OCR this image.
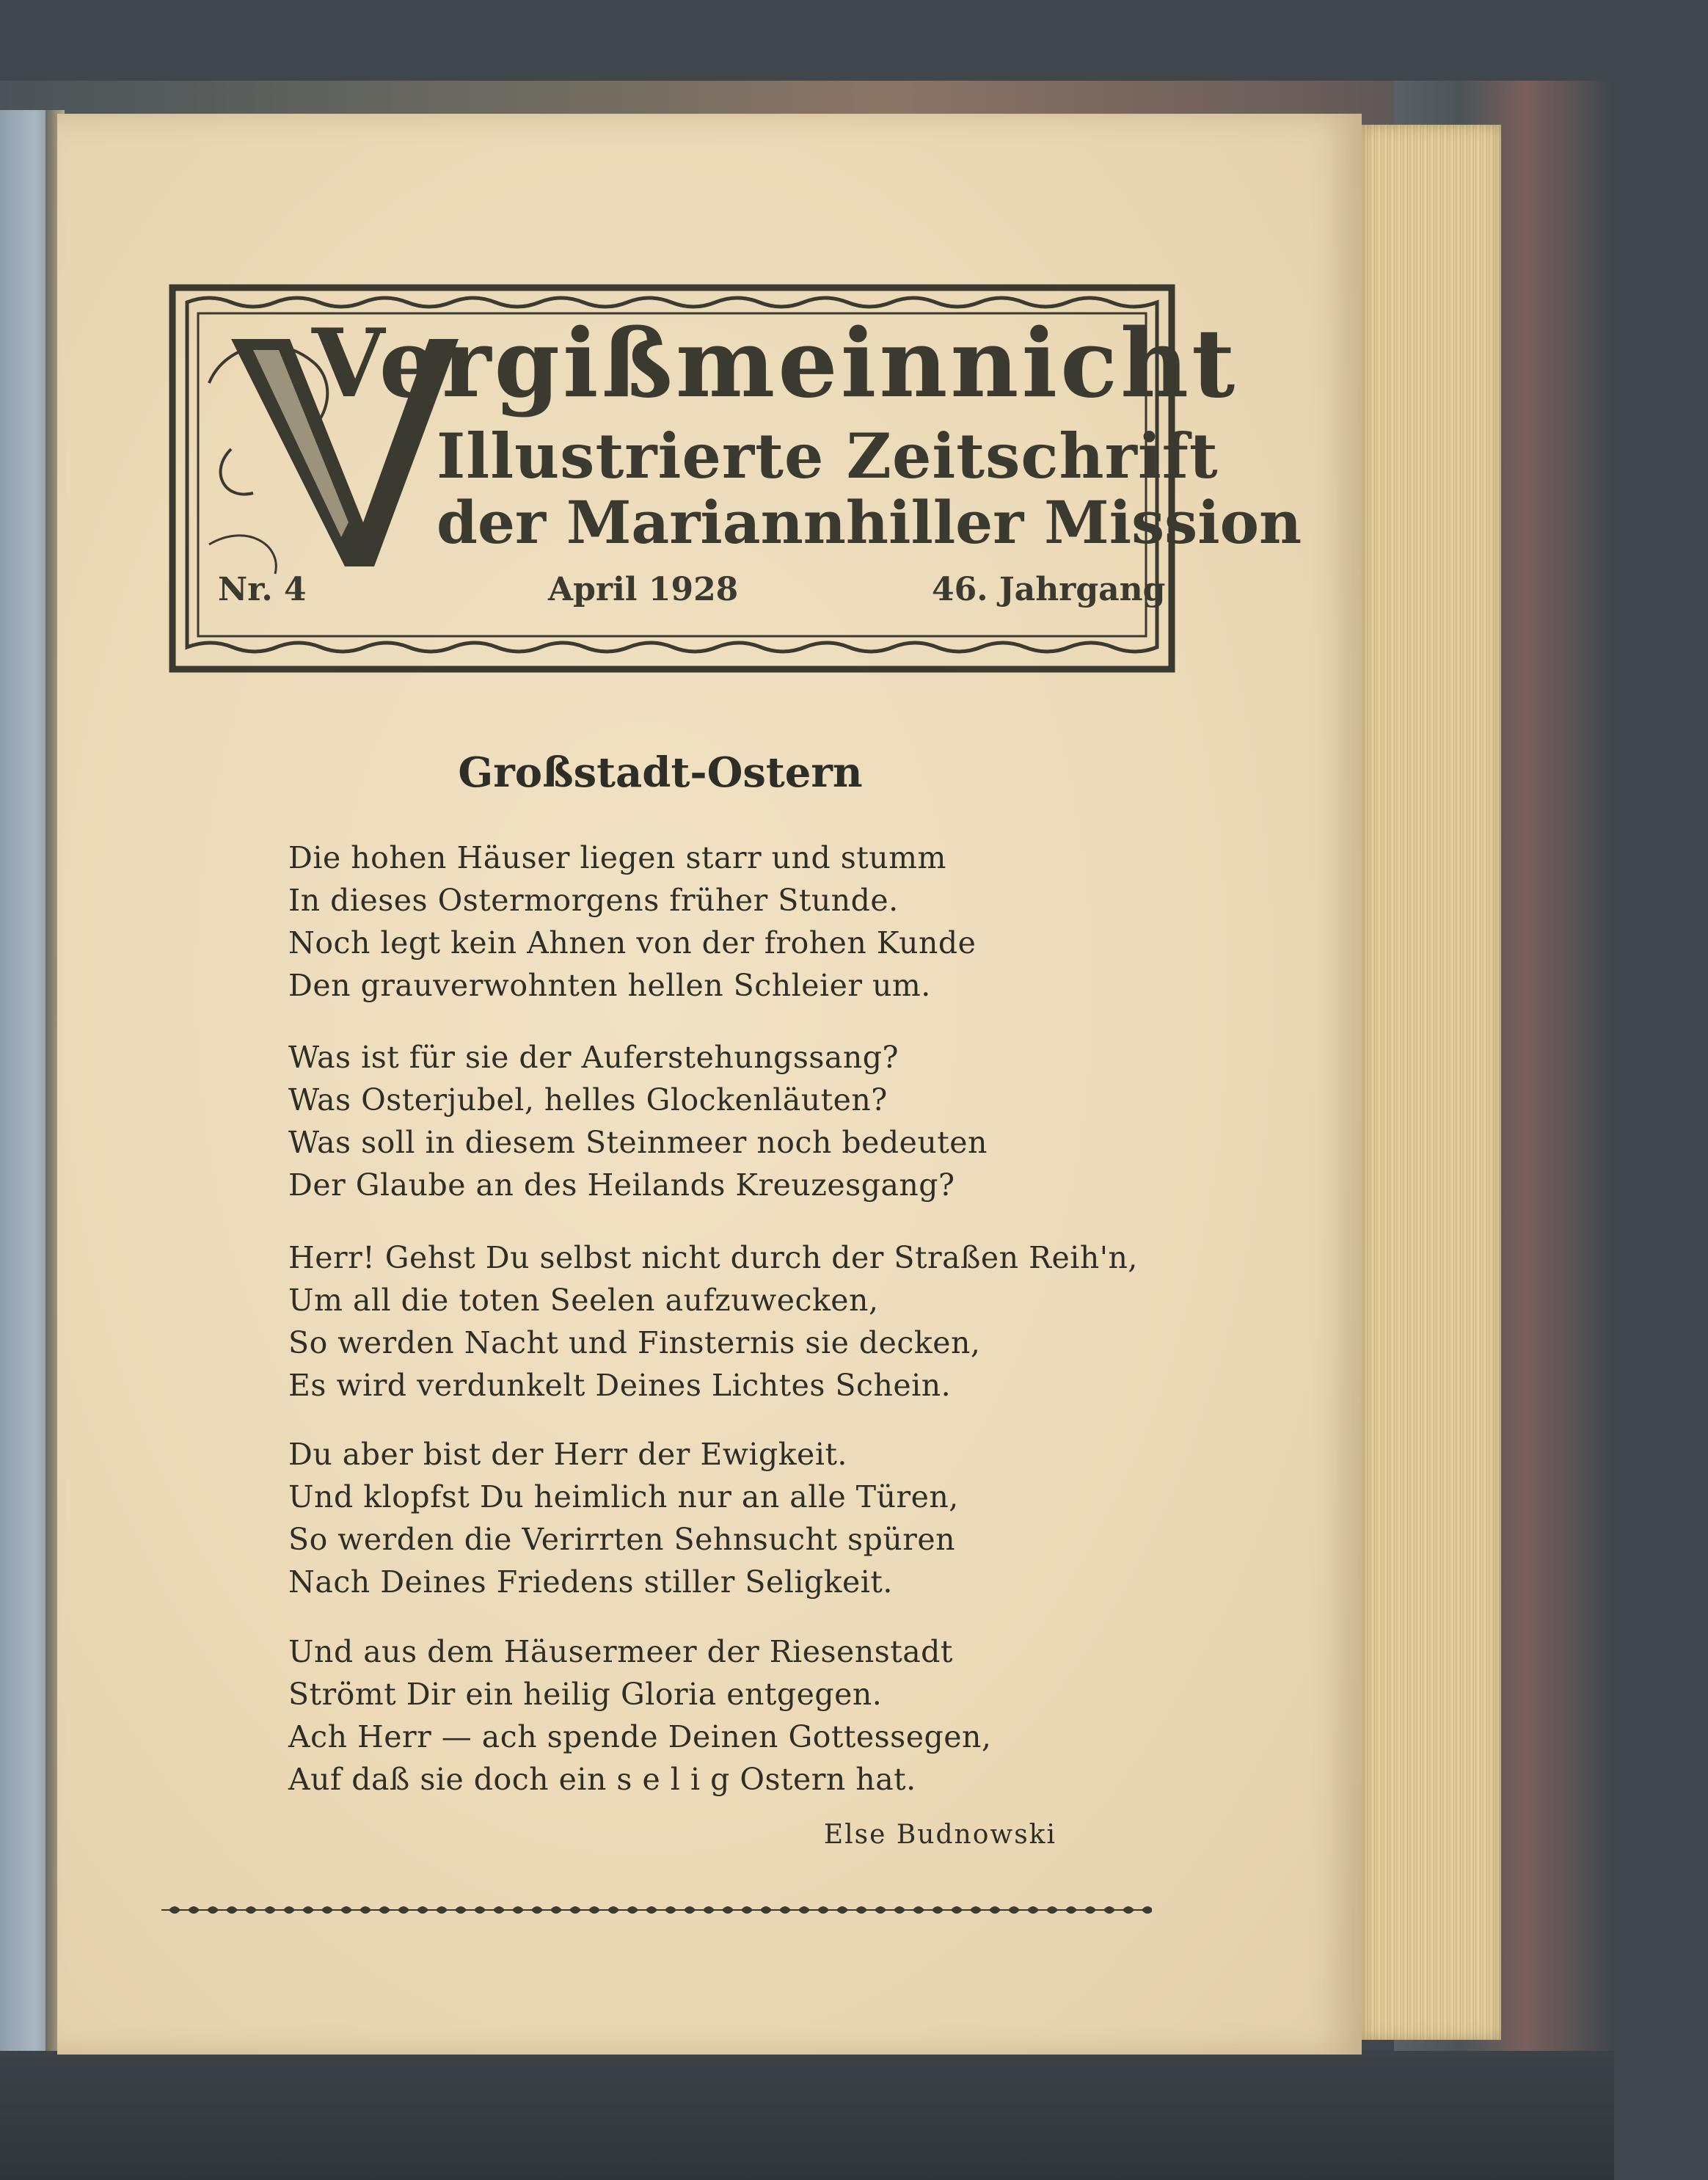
Vergißmeinnicht
Illustrierte Zeitschrift
der Mariannhiller Mission
Nr. 4	April 1928	46. Jahrgang
Großstadt-Ostern
Die hohen Häuser liegen starr und stumm
In dieses Ostermorgens früher Stunde.
Noch legt kein Ahnen von der frohen Kunde
Den grauverwohnten hellen Schleier um.
Was ist für sie der Auferstehungssang?
Was Osterjubel, helles Glockenläuten?
Was soll in diesem Steinmeer noch bedeuten
Der Glaube an des Heilands Kreuzesgang?
Herr! Gehst Du selbst nicht durch der Straßen Reih'n,
Um all die toten Seelen aufzuwecken,
So werden Nacht und Finsternis sie decken,
Es wird verdunkelt Deines Lichtes Schein.
Du aber bist der Herr der Ewigkeit.
Und klopfst Du heimlich nur an alle Türen,
So werden die Verirrten Sehnsucht spüren
Nach Deines Friedens stiller Seligkeit.
Und aus dem Häusermeer der Riesenstadt
Strömt Dir ein heilig Gloria entgegen.
Ach Herr — ach spende Deinen Gottessegen,
Auf daß sie doch ein s e l i g Ostern hat.
Else Budnowski
